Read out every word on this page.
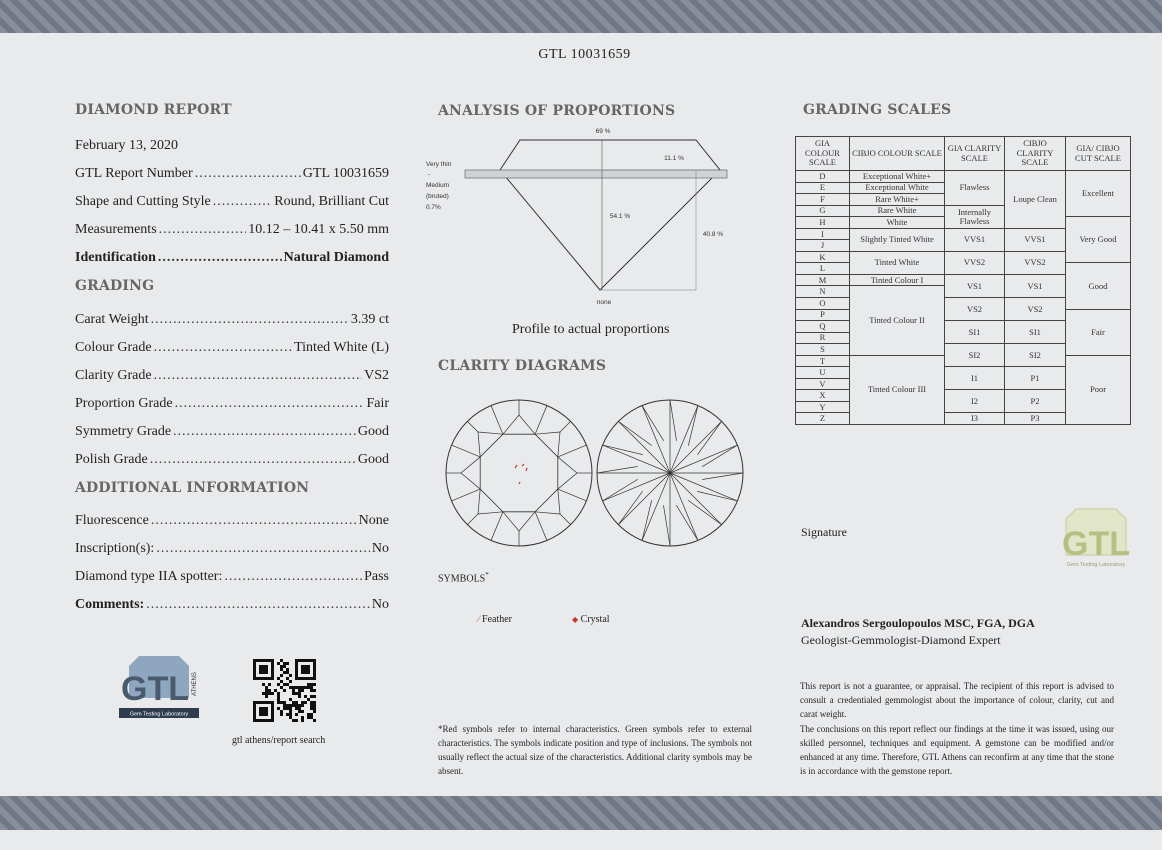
GTL 10031659
DIAMOND REPORT
February 13, 2020
GTL Report Number .....	GTL 10031659
Shape and Cutting Style .....	Round, Brilliant Cut
Measurements .....	10.12 – 10.41 x 5.50 mm
Identification .....	Natural Diamond
GRADING
Carat Weight .....	3.39 ct
Colour Grade .....	Tinted White (L)
Clarity Grade .....	VS2
Proportion Grade .....	Fair
Symmetry Grade .....	Good
Polish Grade .....	Good
ADDITIONAL INFORMATION
Fluorescence .....	None
Inscription(s): .....	No
Diamond type IIA spotter: .....	Pass
Comments: .....	No
GTL ATHENS
Gem Testing Laboratory
gtl athens/report search
ANALYSIS OF PROPORTIONS
69 %
11.1 %
54.1 %
40.8 %
Very thin
-
Medium
(bruted)
0.7%
none
Profile to actual proportions
CLARITY DIAGRAMS
SYMBOLS*
⁄ Feather	◆ Crystal
*Red symbols refer to internal characteristics. Green symbols refer to external characteristics. The symbols indicate position and type of inclusions. The symbols not usually reflect the actual size of the characteristics. Additional clarity symbols may be absent.
GRADING SCALES
GIA COLOUR SCALE	CIBJO COLOUR SCALE	GIA CLARITY SCALE	CIBJO CLARITY SCALE	GIA/ CIBJO CUT SCALE
D	Exceptional White+	Flawless	Loupe Clean	Excellent
E	Exceptional White			
F	Rare White+			
G	Rare White	Internally Flawless		
H	White			Very Good
I	Slightly Tinted White	VVS1	VVS1	
J				
K	Tinted White	VVS2	VVS2	
L				Good
M	Tinted Colour I	VS1	VS1	
N	Tinted Colour II			
O		VS2	VS2	
P				Fair
Q		SI1	SI1	
R				
S		SI2	SI2	
T	Tinted Colour III			Poor
U		I1	P1	
V				
X		I2	P2	
Y				
Z		I3	P3	
Signature	GTL
Gem Testing Laboratory
Alexandros Sergoulopoulos MSC, FGA, DGA
Geologist-Gemmologist-Diamond Expert
This report is not a guarantee, or appraisal. The recipient of this report is advised to consult a credentialed gemmologist about the importance of colour, clarity, cut and carat weight.
The conclusions on this report reflect our findings at the time it was issued, using our skilled personnel, techniques and equipment. A gemstone can be modified and/or enhanced at any time. Therefore, GTL Athens can reconfirm at any time that the stone is in accordance with the gemstone report.
